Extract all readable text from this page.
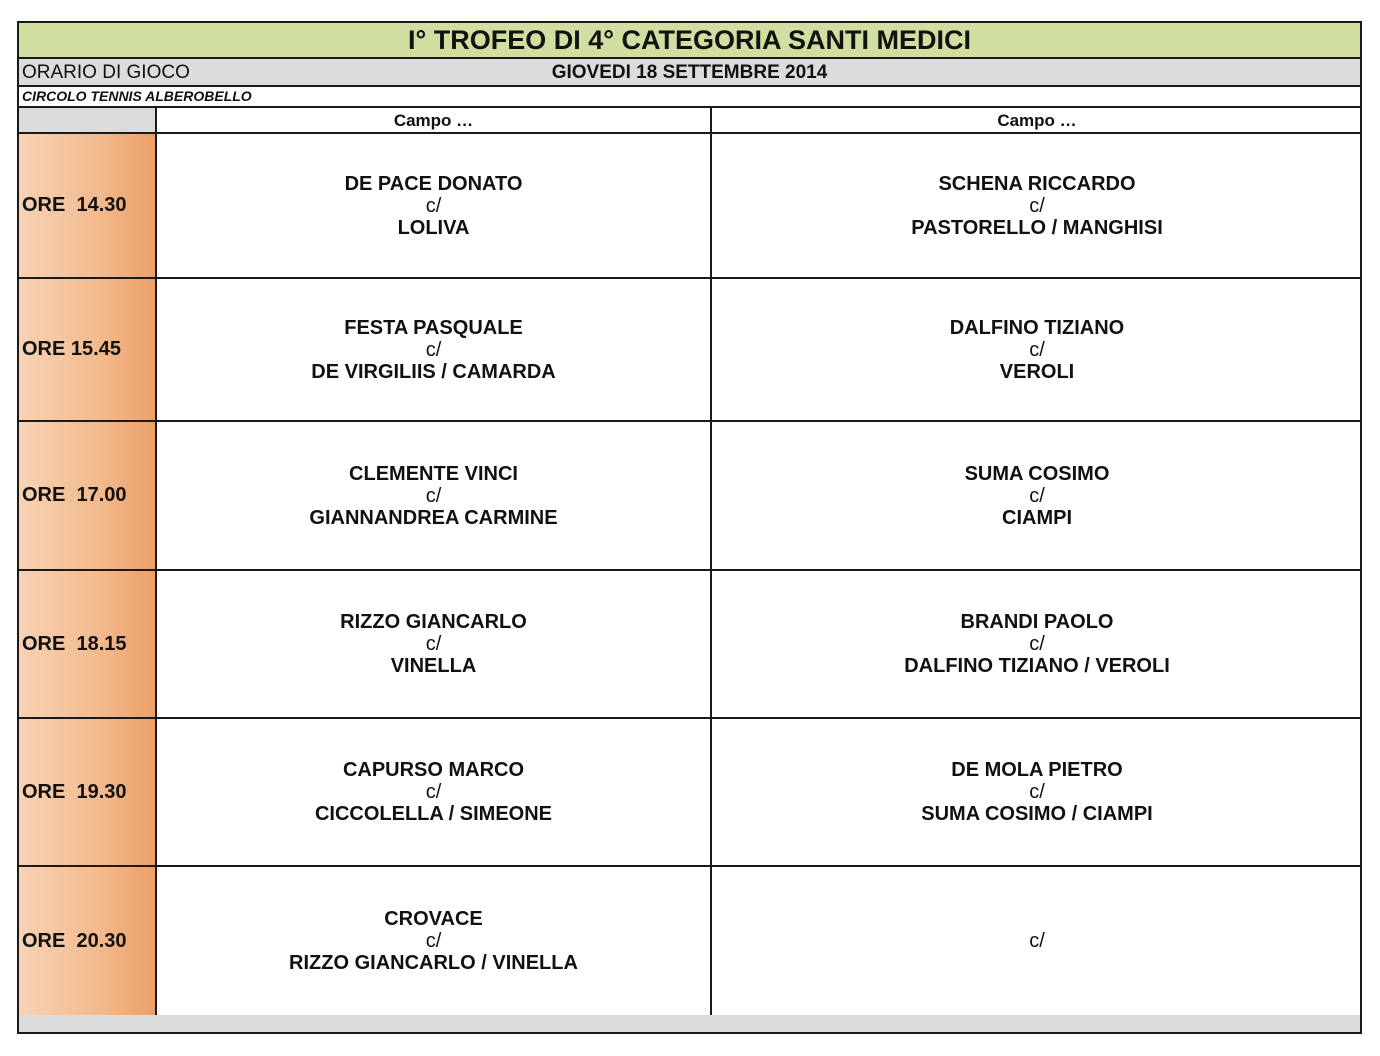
I° TROFEO DI 4° CATEGORIA SANTI MEDICI
ORARIO DI GIOCO	GIOVEDI 18 SETTEMBRE 2014
CIRCOLO TENNIS ALBEROBELLO
Campo …	Campo …
ORE  14.30
DE PACE DONATO
c/
LOLIVA
SCHENA RICCARDO
c/
PASTORELLO / MANGHISI
ORE 15.45
FESTA PASQUALE
c/
DE VIRGILIIS / CAMARDA
DALFINO TIZIANO
c/
VEROLI
ORE  17.00
CLEMENTE VINCI
c/
GIANNANDREA CARMINE
SUMA COSIMO
c/
CIAMPI
ORE  18.15
RIZZO GIANCARLO
c/
VINELLA
BRANDI PAOLO
c/
DALFINO TIZIANO / VEROLI
ORE  19.30
CAPURSO MARCO
c/
CICCOLELLA / SIMEONE
DE MOLA PIETRO
c/
SUMA COSIMO / CIAMPI
ORE  20.30
CROVACE
c/
RIZZO GIANCARLO / VINELLA
c/
